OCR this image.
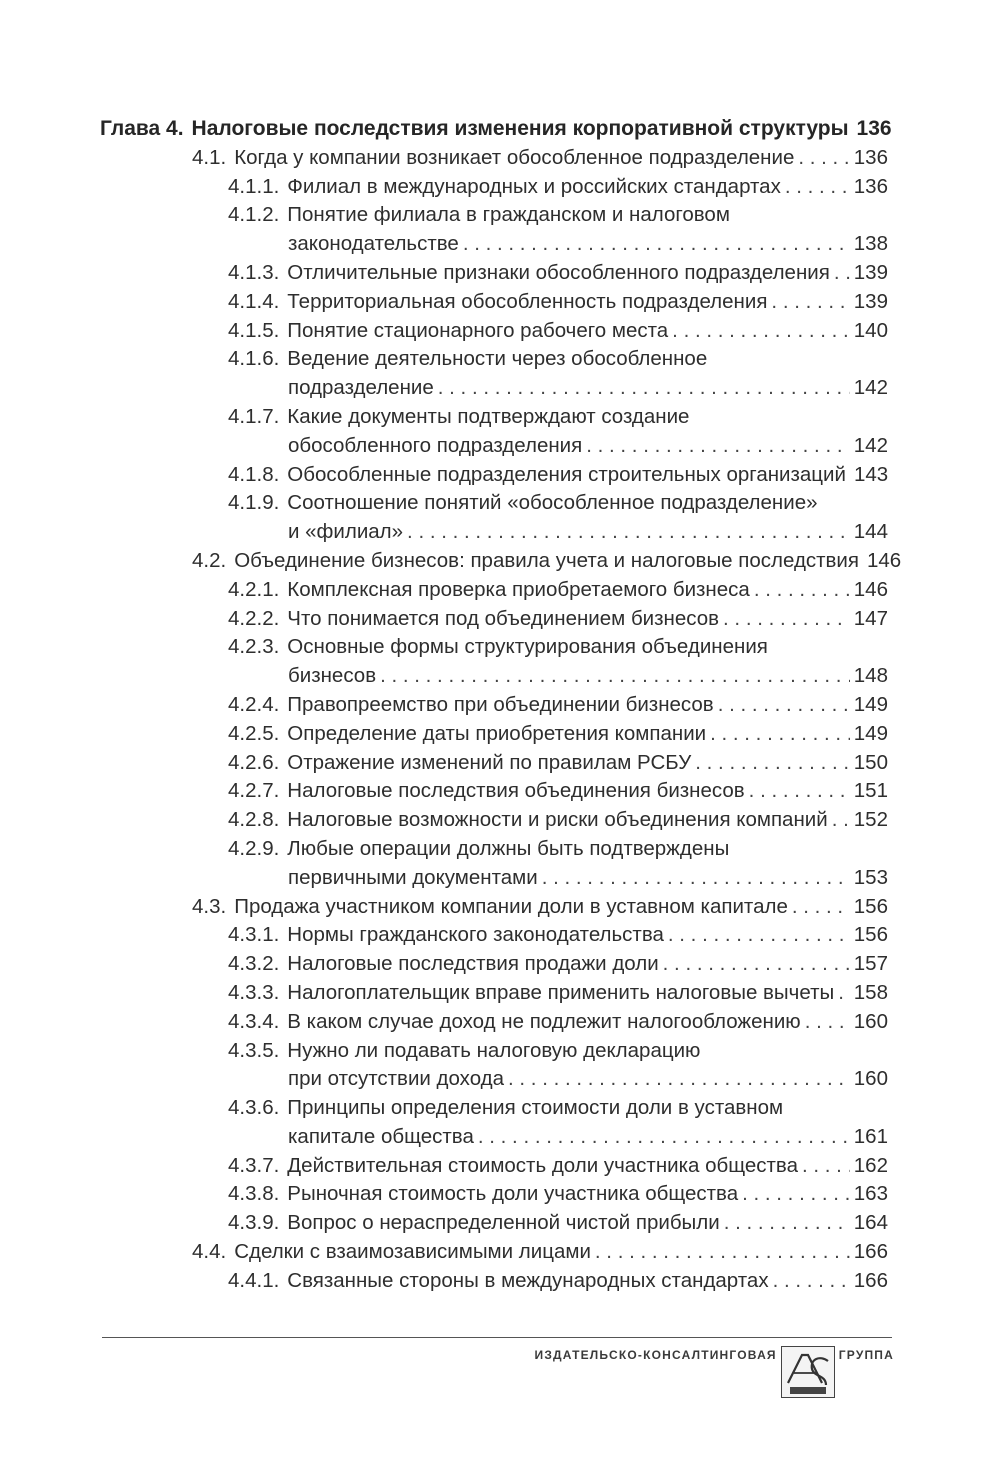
Глава 4. Налоговые последствия изменения корпоративной структуры 136
4.1. Когда у компании возникает обособленное подразделение . . .	136
4.1.1. Филиал в международных и российских стандартах . . .	136
4.1.2. Понятие филиала в гражданском и налоговом
законодательстве . . .	138
4.1.3. Отличительные признаки обособленного подразделения . . . 139
4.1.4. Территориальная обособленность подразделения . . .	139
4.1.5. Понятие стационарного рабочего места . . .	140
4.1.6. Ведение деятельности через обособленное
подразделение . . .	142
4.1.7. Какие документы подтверждают создание
обособленного подразделения . . .	142
4.1.8. Обособленные подразделения строительных организаций 143
4.1.9. Соотношение понятий «обособленное подразделение»
и «филиал» . . .	144
4.2. Объединение бизнесов: правила учета и налоговые последствия 146
4.2.1. Комплексная проверка приобретаемого бизнеса . . .	146
4.2.2. Что понимается под объединением бизнесов . . .	147
4.2.3. Основные формы структурирования объединения
бизнесов . . .	148
4.2.4. Правопреемство при объединении бизнесов . . .	149
4.2.5. Определение даты приобретения компании . . .	149
4.2.6. Отражение изменений по правилам РСБУ . . .	150
4.2.7. Налоговые последствия объединения бизнесов . . .	151
4.2.8. Налоговые возможности и риски объединения компаний . . . 152
4.2.9. Любые операции должны быть подтверждены
первичными документами . . .	153
4.3. Продажа участником компании доли в уставном капитале . . .	156
4.3.1. Нормы гражданского законодательства . . .	156
4.3.2. Налоговые последствия продажи доли . . .	157
4.3.3. Налогоплательщик вправе применить налоговые вычеты . . . 158
4.3.4. В каком случае доход не подлежит налогообложению . . .	160
4.3.5. Нужно ли подавать налоговую декларацию
при отсутствии дохода . . .	160
4.3.6. Принципы определения стоимости доли в уставном
капитале общества . . .	161
4.3.7. Действительная стоимость доли участника общества . . .	162
4.3.8. Рыночная стоимость доли участника общества . . .	163
4.3.9. Вопрос о нераспределенной чистой прибыли . . .	164
4.4. Сделки с взаимозависимыми лицами . . .	166
4.4.1. Связанные стороны в международных стандартах . . .	166
ИЗДАТЕЛЬСКО-КОНСАЛТИНГОВАЯ	ГРУППА
